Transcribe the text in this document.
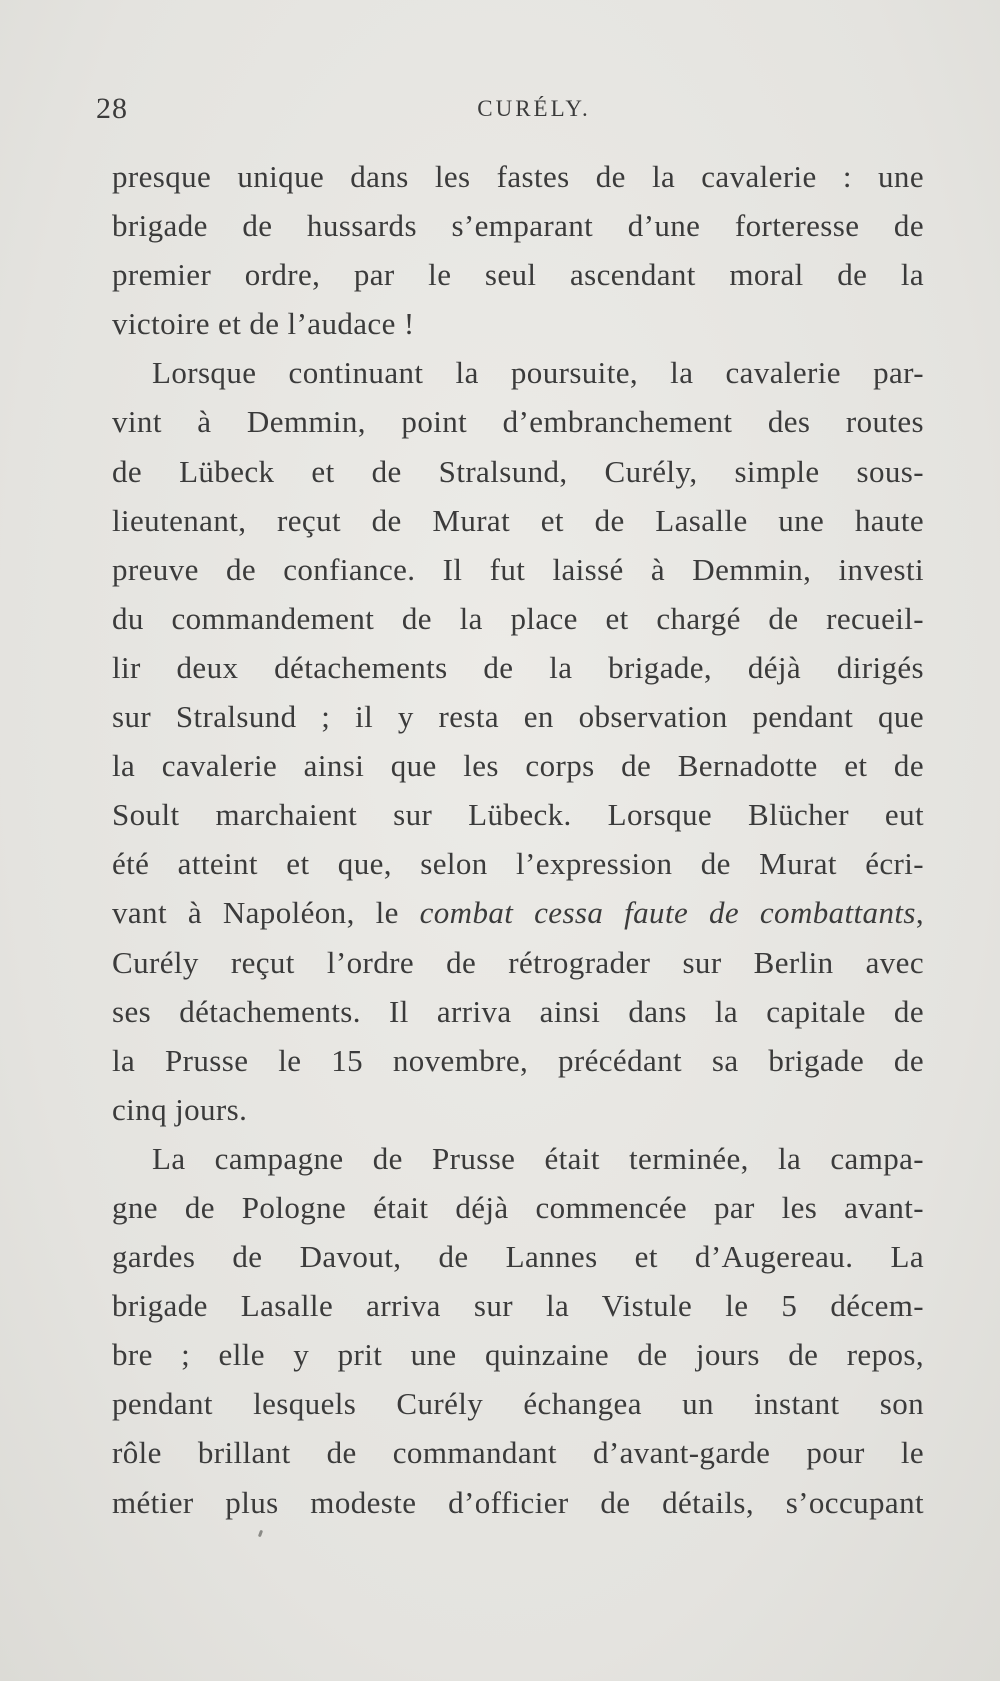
28	CURÉLY.
presque unique dans les fastes de la cavalerie : une
brigade de hussards s’emparant d’une forteresse de
premier ordre, par le seul ascendant moral de la
victoire et de l’audace !
Lorsque continuant la poursuite, la cavalerie par-
vint à Demmin, point d’embranchement des routes
de Lübeck et de Stralsund, Curély, simple sous-
lieutenant, reçut de Murat et de Lasalle une haute
preuve de confiance. Il fut laissé à Demmin, investi
du commandement de la place et chargé de recueil-
lir deux détachements de la brigade, déjà dirigés
sur Stralsund ; il y resta en observation pendant que
la cavalerie ainsi que les corps de Bernadotte et de
Soult marchaient sur Lübeck. Lorsque Blücher eut
été atteint et que, selon l’expression de Murat écri-
vant à Napoléon, le combat cessa faute de combattants,
Curély reçut l’ordre de rétrograder sur Berlin avec
ses détachements. Il arriva ainsi dans la capitale de
la Prusse le 15 novembre, précédant sa brigade de
cinq jours.
La campagne de Prusse était terminée, la campa-
gne de Pologne était déjà commencée par les avant-
gardes de Davout, de Lannes et d’Augereau. La
brigade Lasalle arriva sur la Vistule le 5 décem-
bre ; elle y prit une quinzaine de jours de repos,
pendant lesquels Curély échangea un instant son
rôle brillant de commandant d’avant-garde pour le
métier plus modeste d’officier de détails, s’occupant
